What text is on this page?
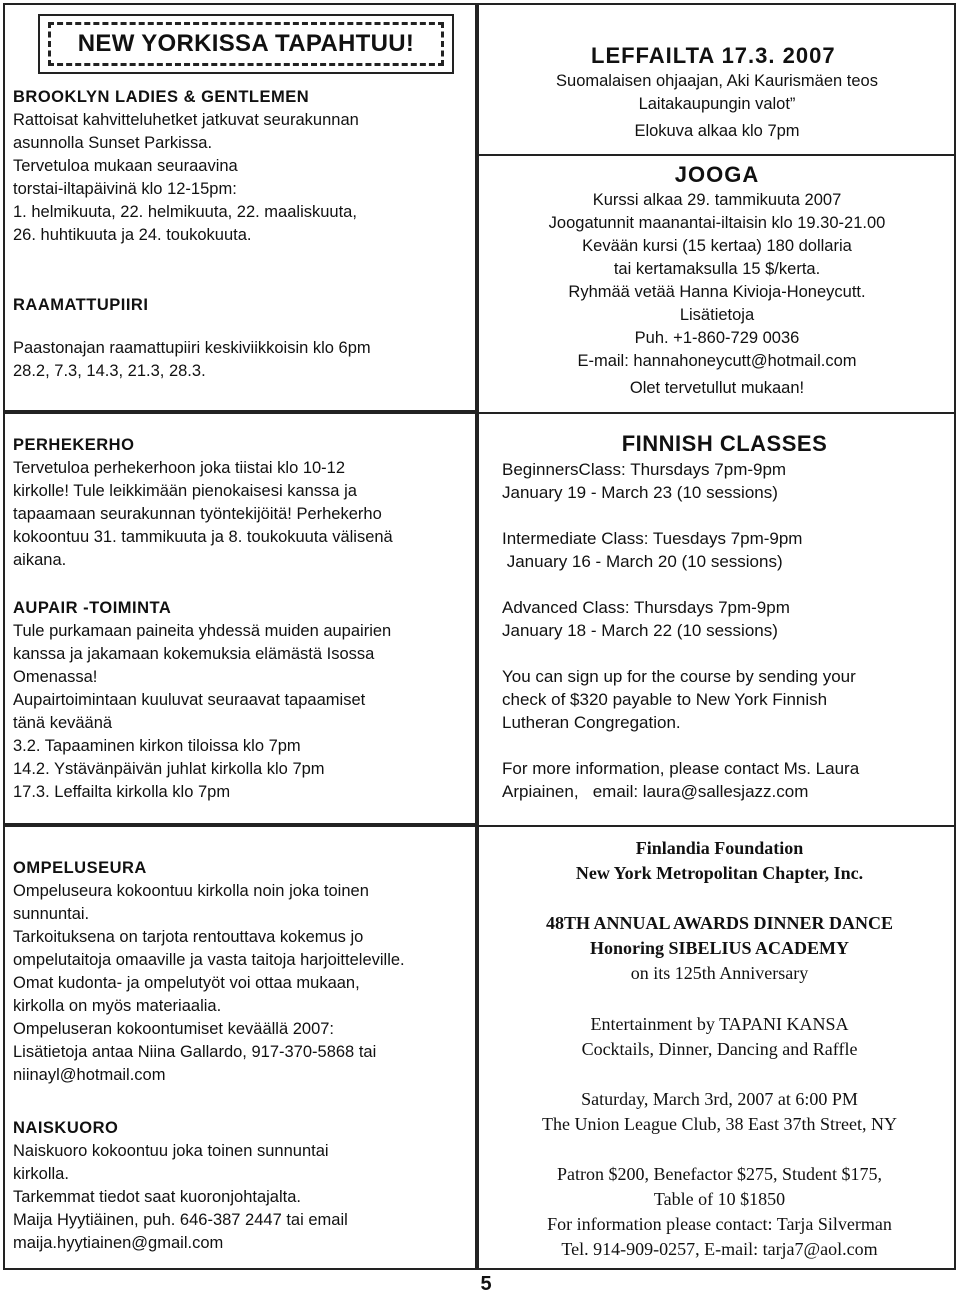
NEW YORKISSA TAPAHTUU!

BROOKLYN LADIES & GENTLEMEN

Rattoisat kahvitteluhetket jatkuvat seurakunnan

asunnolla Sunset Parkissa.

Tervetuloa mukaan seuraavina

torstai-iltapäivinä klo 12-15pm:

1. helmikuuta, 22. helmikuuta, 22. maaliskuuta,

26. huhtikuuta ja 24. toukokuuta.

RAAMATTUPIIRI

Paastonajan raamattupiiri keskiviikkoisin klo 6pm

28.2, 7.3, 14.3, 21.3, 28.3.

PERHEKERHO

Tervetuloa perhekerhoon joka tiistai klo 10-12

kirkolle! Tule leikkimään pienokaisesi kanssa ja

tapaamaan seurakunnan työntekijöitä! Perhekerho

kokoontuu 31. tammikuuta ja 8. toukokuuta välisenä

aikana.

AUPAIR -TOIMINTA

Tule purkamaan paineita yhdessä muiden aupairien

kanssa ja jakamaan kokemuksia elämästä Isossa

Omenassa!

Aupairtoimintaan kuuluvat seuraavat tapaamiset

tänä keväänä

3.2. Tapaaminen kirkon tiloissa klo 7pm

14.2. Ystävänpäivän juhlat kirkolla klo 7pm

17.3. Leffailta kirkolla klo 7pm

OMPELUSEURA

Ompeluseura kokoontuu kirkolla noin joka toinen

sunnuntai.

Tarkoituksena on tarjota rentouttava kokemus jo

ompelutaitoja omaaville ja vasta taitoja harjoitteleville.

Omat kudonta- ja ompelutyöt voi ottaa mukaan,

kirkolla on myös materiaalia.

Ompeluseran kokoontumiset keväällä 2007:

Lisätietoja antaa Niina Gallardo, 917-370-5868 tai

niinayl@hotmail.com

NAISKUORO

Naiskuoro kokoontuu joka toinen sunnuntai

kirkolla.

Tarkemmat tiedot saat kuoronjohtajalta.

Maija Hyytiäinen, puh. 646-387 2447 tai email

maija.hyytiainen@gmail.com

LEFFAILTA 17.3. 2007

Suomalaisen ohjaajan, Aki Kaurismäen teos

Laitakaupungin valot”

Elokuva alkaa klo 7pm

JOOGA

Kurssi alkaa 29. tammikuuta 2007

Joogatunnit maanantai-iltaisin klo 19.30-21.00

Kevään kursi (15 kertaa) 180 dollaria

tai kertamaksulla 15 $/kerta.

Ryhmää vetää Hanna Kivioja-Honeycutt.

Lisätietoja

Puh. +1-860-729 0036

E-mail: hannahoneycutt@hotmail.com

Olet tervetullut mukaan!

FINNISH CLASSES

BeginnersClass: Thursdays 7pm-9pm

January 19 - March 23 (10 sessions)

Intermediate Class: Tuesdays 7pm-9pm

January 16 - March 20 (10 sessions)

Advanced Class: Thursdays 7pm-9pm

January 18 - March 22 (10 sessions)

You can sign up for the course by sending your

check of $320 payable to New York Finnish

Lutheran Congregation.

For more information, please contact Ms. Laura

Arpiainen,   email: laura@sallesjazz.com

Finlandia Foundation

New York Metropolitan Chapter, Inc.

48TH ANNUAL AWARDS DINNER DANCE

Honoring SIBELIUS ACADEMY

on its 125th Anniversary

Entertainment by TAPANI KANSA

Cocktails, Dinner, Dancing and Raffle

Saturday, March 3rd, 2007 at 6:00 PM

The Union League Club, 38 East 37th Street, NY

Patron $200, Benefactor $275, Student $175,

Table of 10 $1850

For information please contact: Tarja Silverman

Tel. 914-909-0257, E-mail: tarja7@aol.com

5
